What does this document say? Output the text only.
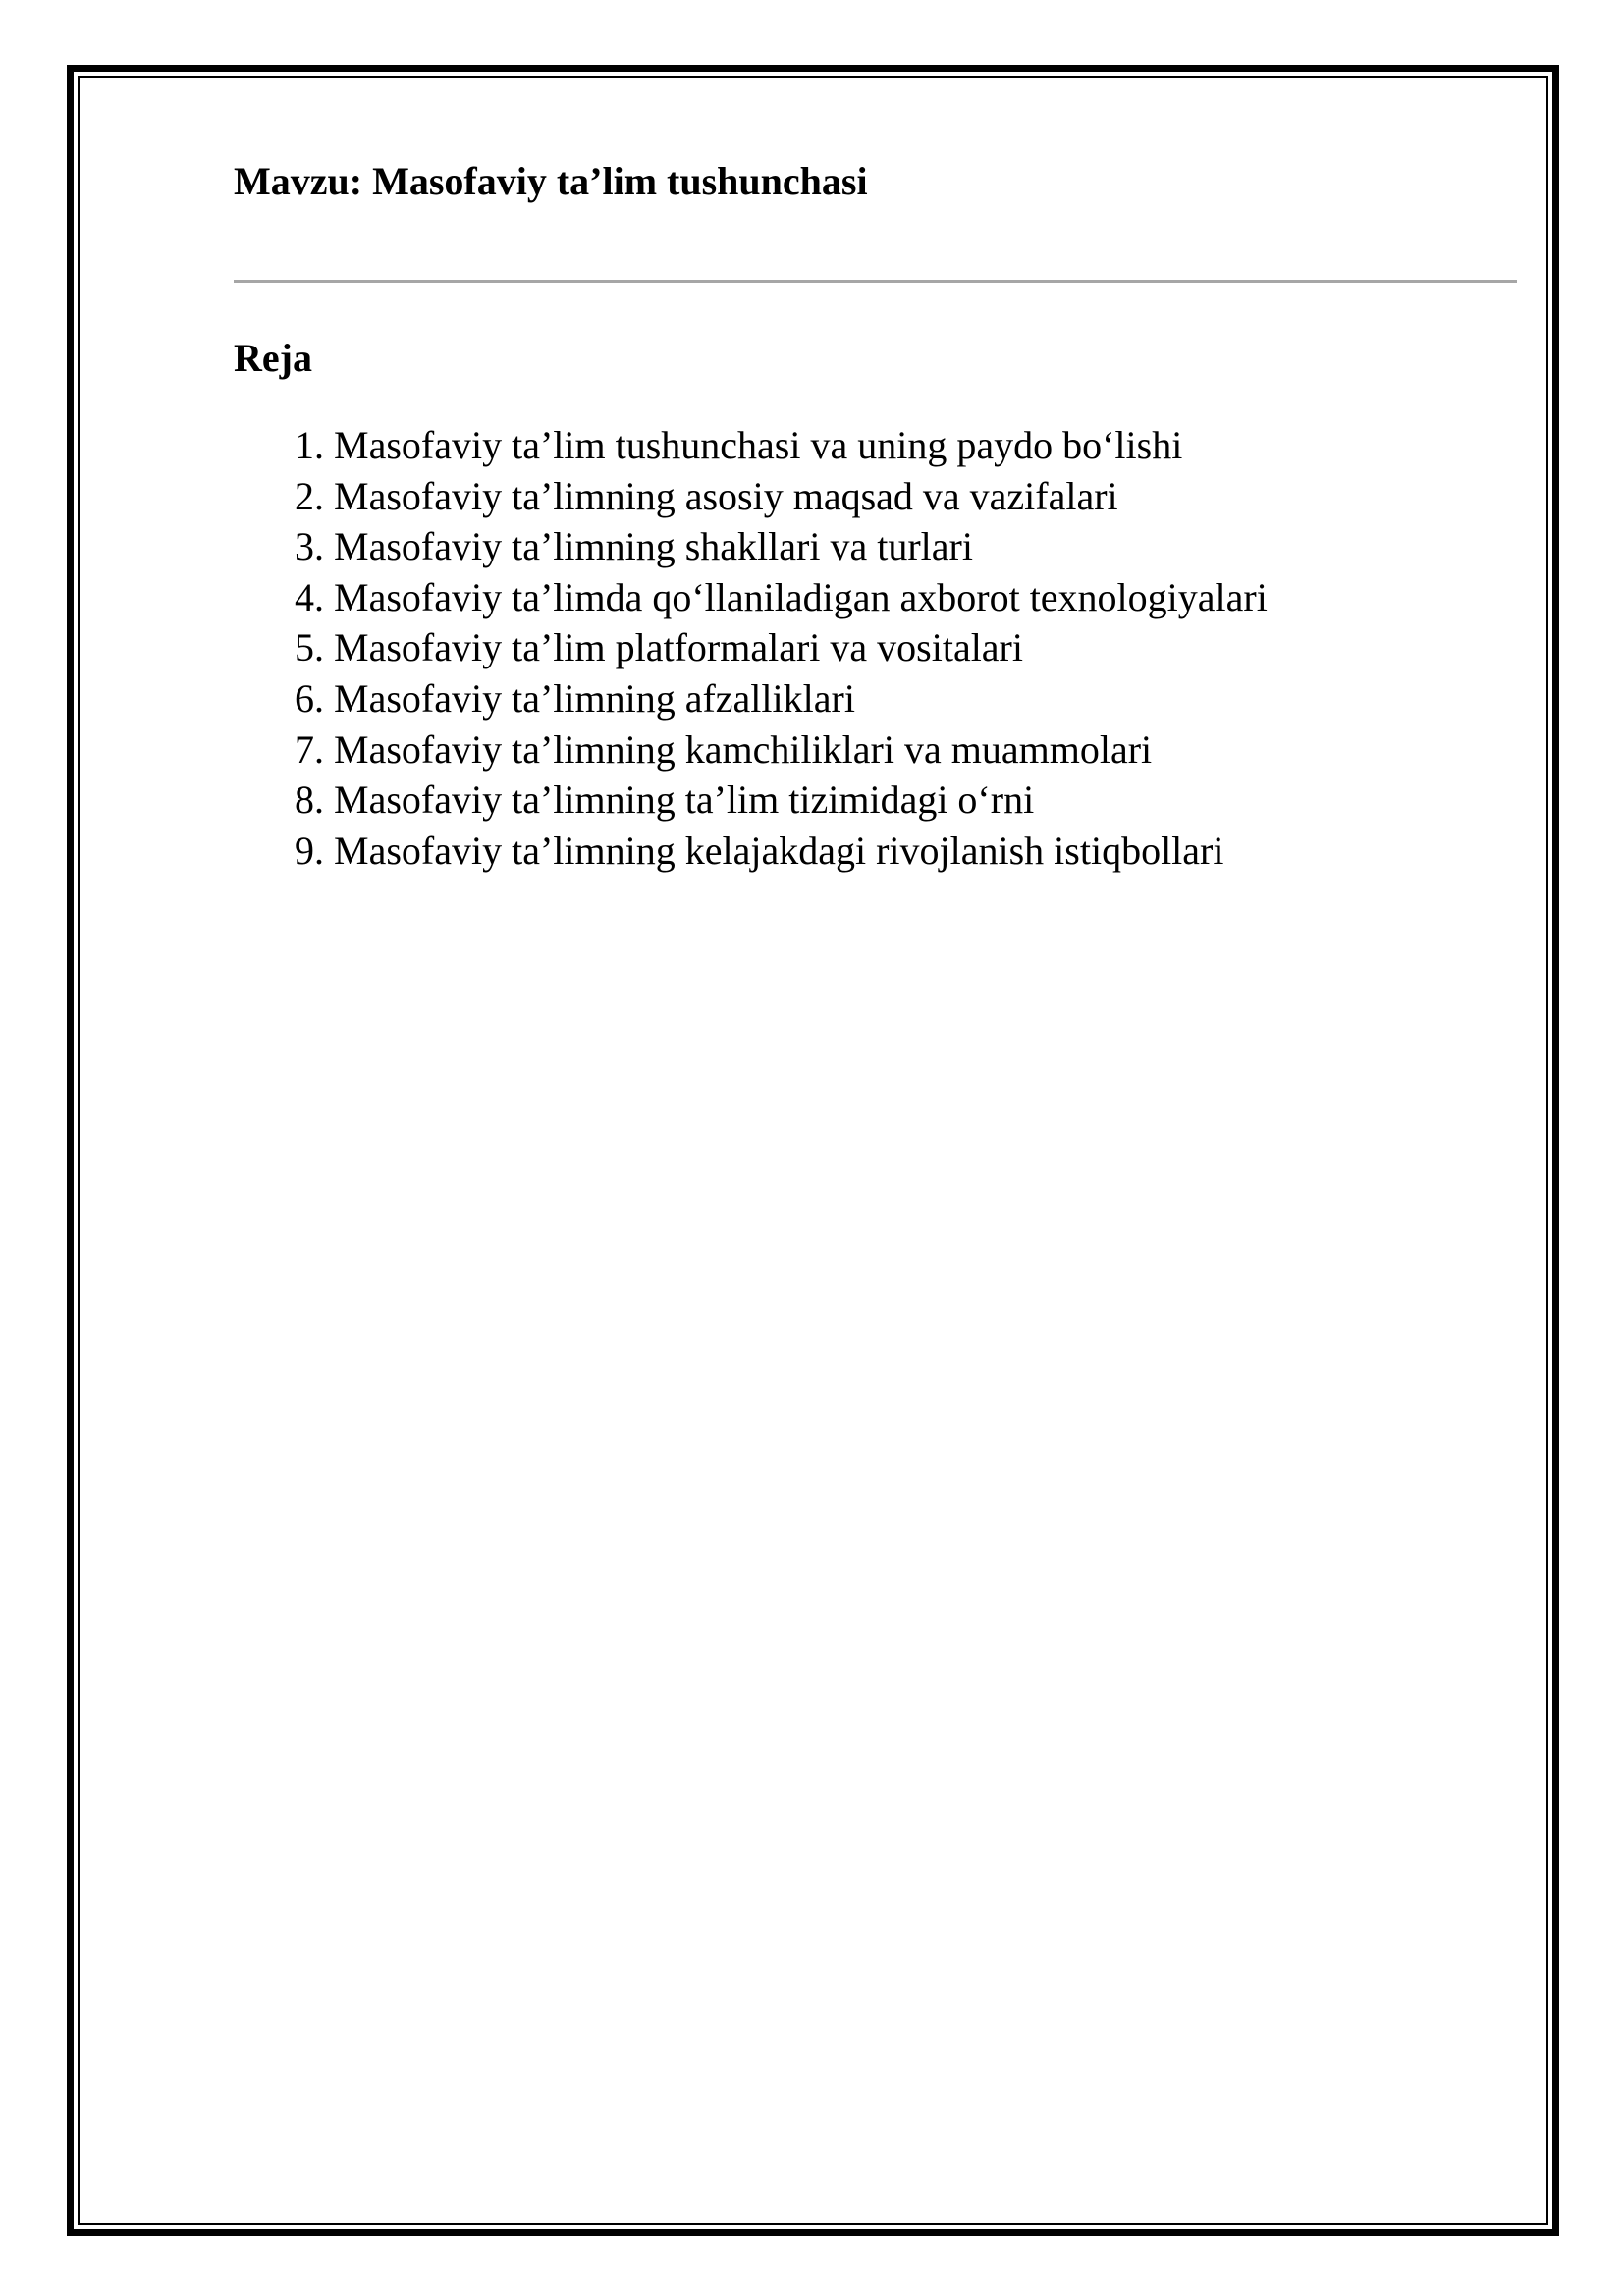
Mavzu: Masofaviy ta’lim tushunchasi
Reja
1. Masofaviy ta’lim tushunchasi va uning paydo bo‘lishi
2. Masofaviy ta’limning asosiy maqsad va vazifalari
3. Masofaviy ta’limning shakllari va turlari
4. Masofaviy ta’limda qo‘llaniladigan axborot texnologiyalari
5. Masofaviy ta’lim platformalari va vositalari
6. Masofaviy ta’limning afzalliklari
7. Masofaviy ta’limning kamchiliklari va muammolari
8. Masofaviy ta’limning ta’lim tizimidagi o‘rni
9. Masofaviy ta’limning kelajakdagi rivojlanish istiqbollari
